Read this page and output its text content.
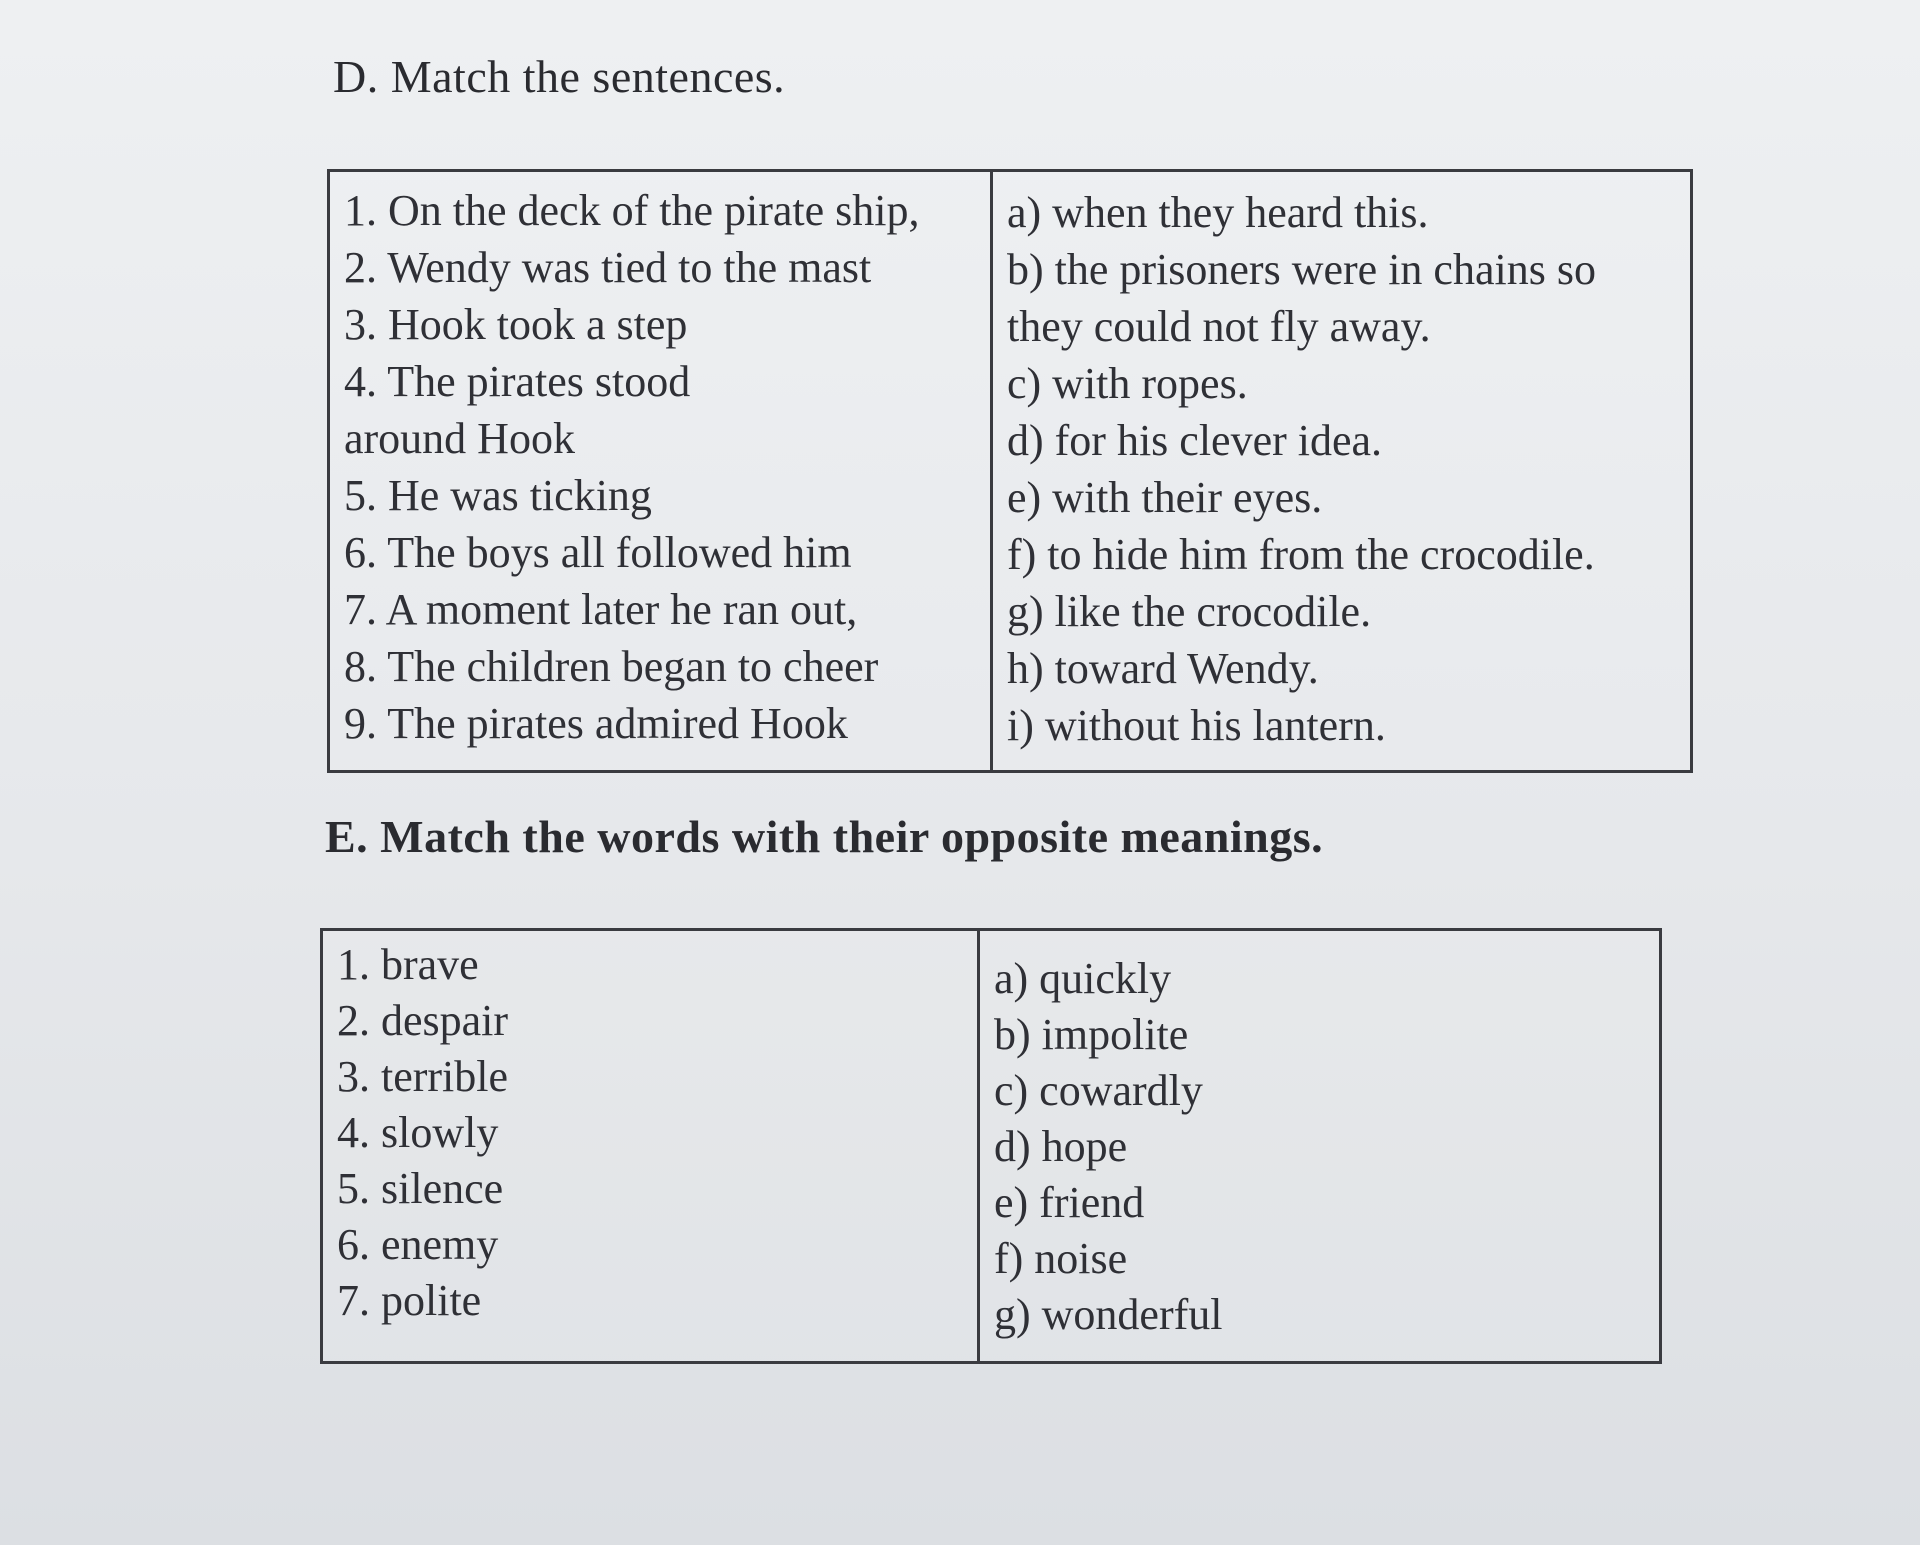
D. Match the sentences.
1. On the deck of the pirate ship,
2. Wendy was tied to the mast
3. Hook took a step
4. The pirates stood around Hook
5. He was ticking
6. The boys all followed him
7. A moment later he ran out,
8. The children began to cheer
9. The pirates admired Hook
a) when they heard this.
b) the prisoners were in chains so they could not fly away.
c) with ropes.
d) for his clever idea.
e) with their eyes.
f) to hide him from the crocodile.
g) like the crocodile.
h) toward Wendy.
i) without his lantern.
E. Match the words with their opposite meanings.
1. brave
2. despair
3. terrible
4. slowly
5. silence
6. enemy
7. polite
a) quickly
b) impolite
c) cowardly
d) hope
e) friend
f) noise
g) wonderful
